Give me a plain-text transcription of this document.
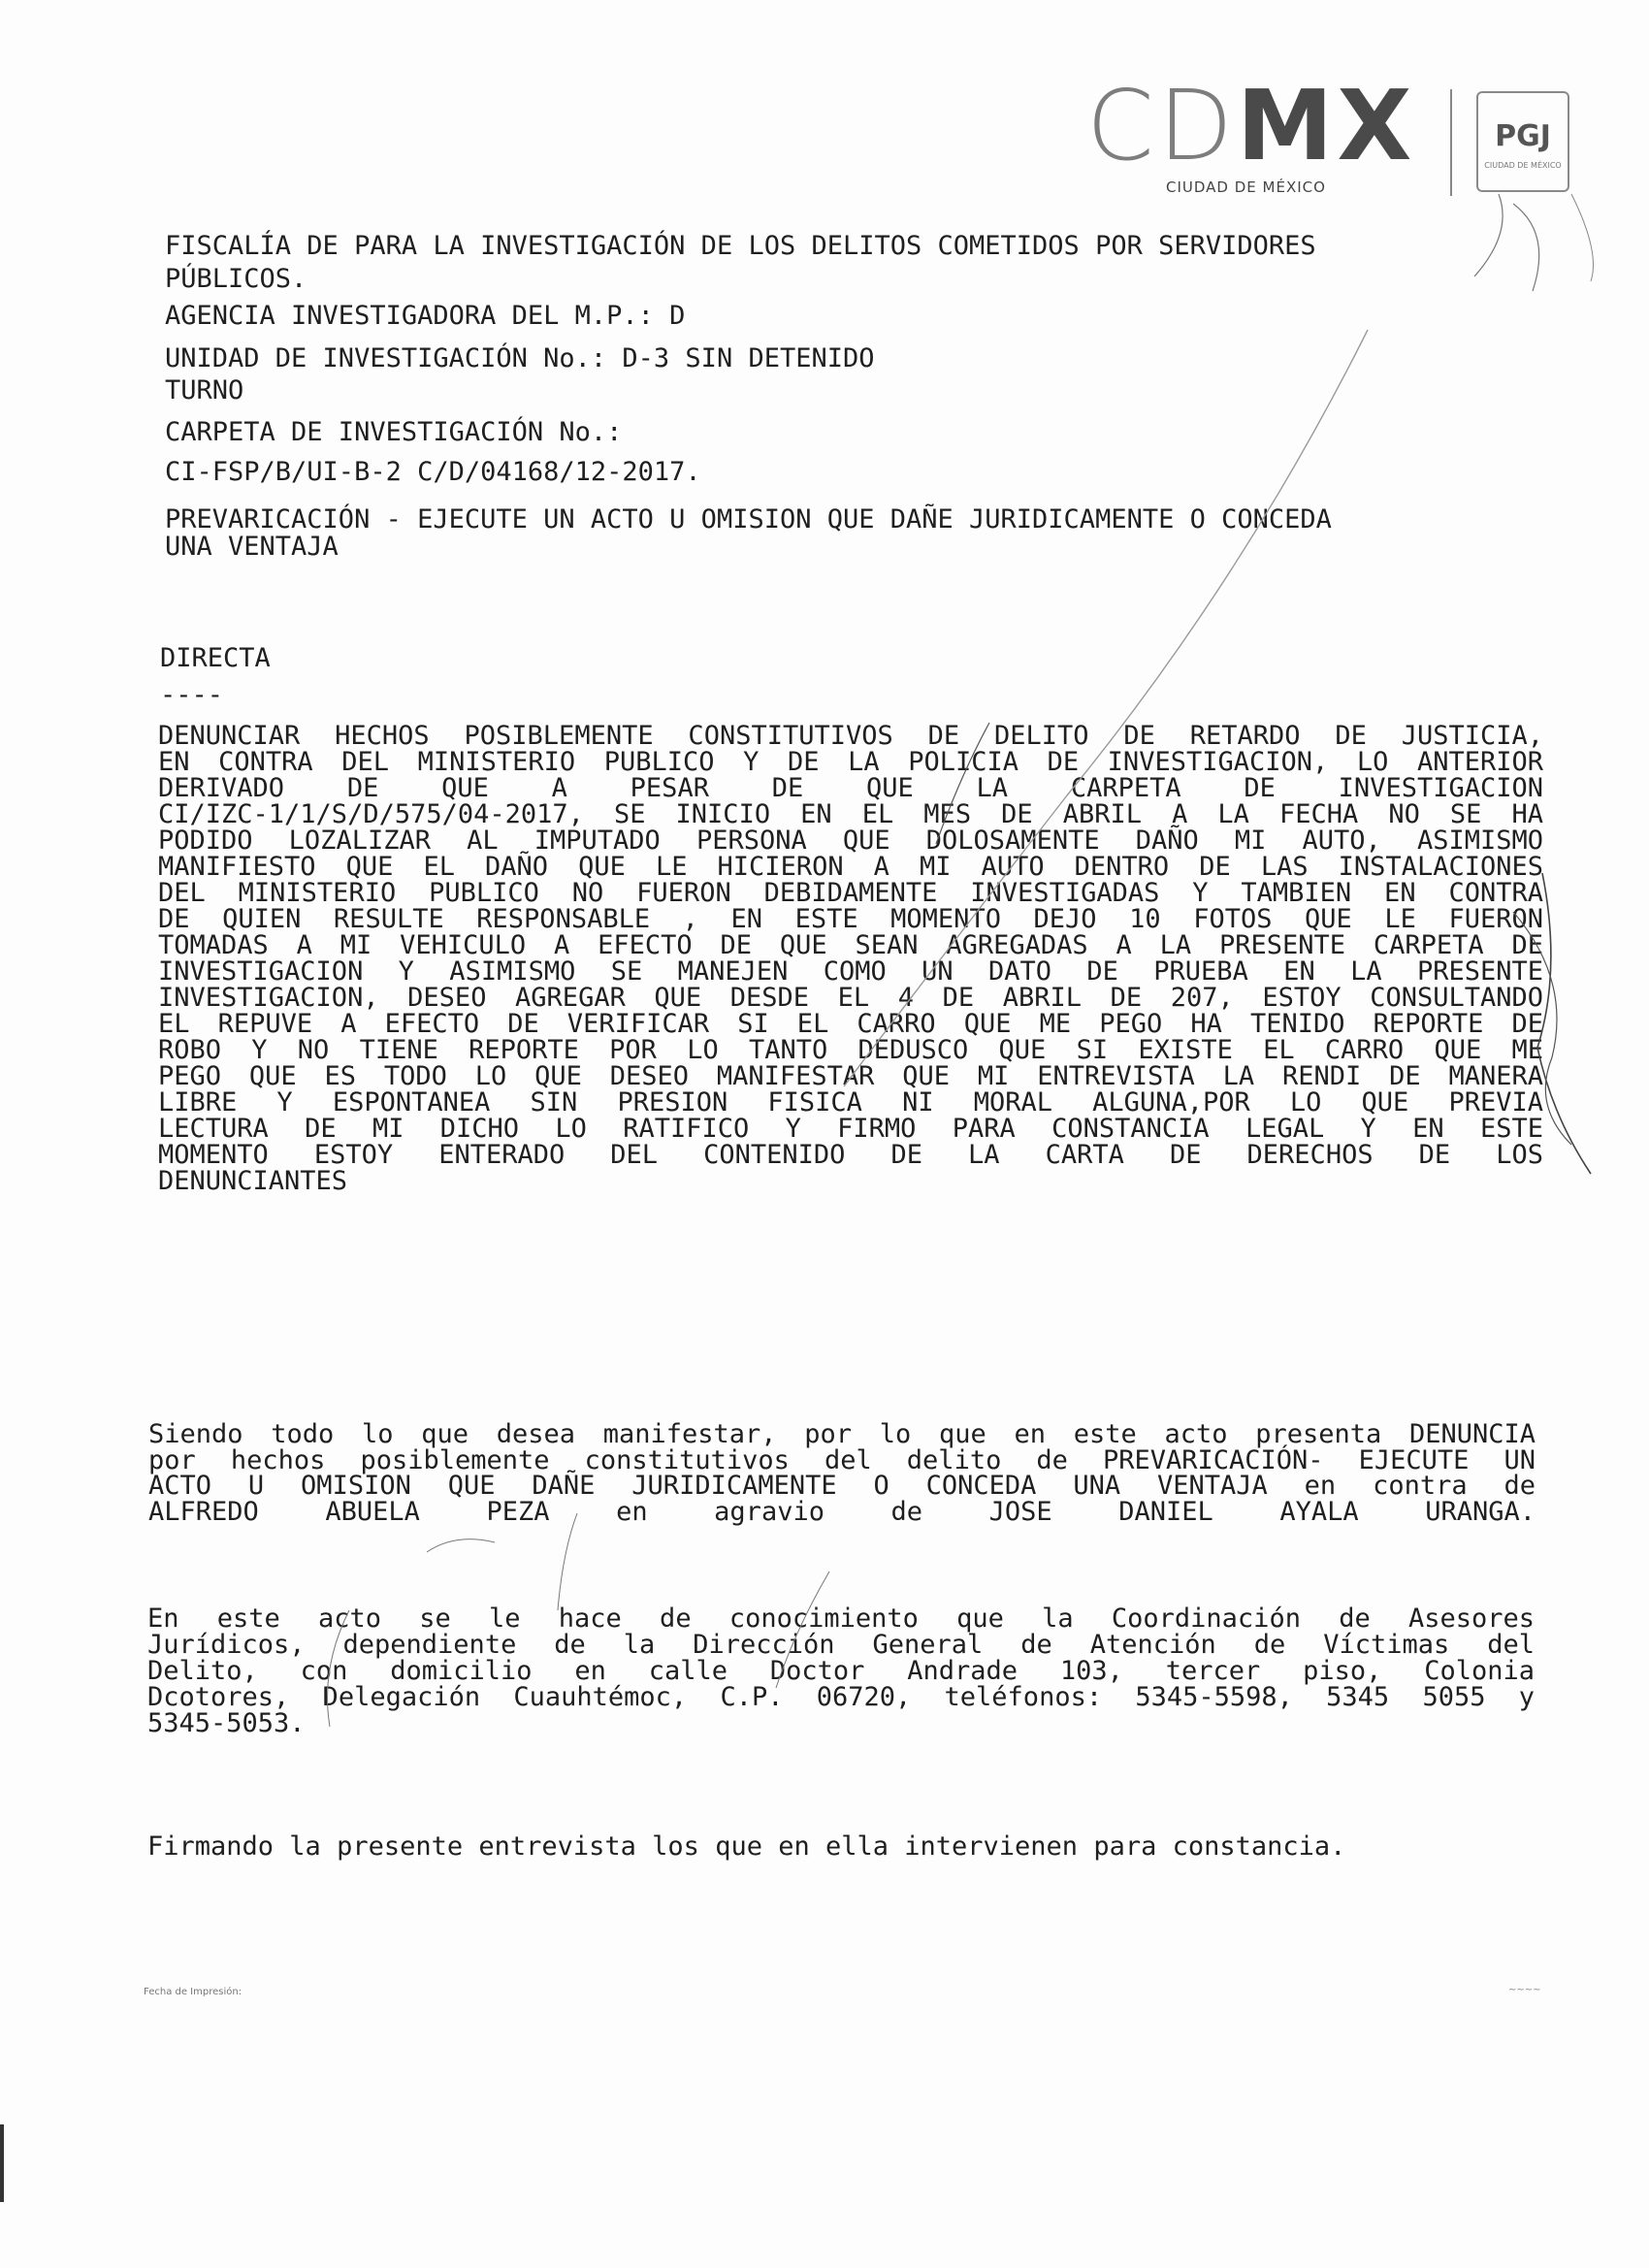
CDMX
CIUDAD DE MÉXICO
PGJ
CIUDAD DE MÉXICO
FISCALÍA DE PARA LA INVESTIGACIÓN DE LOS DELITOS COMETIDOS POR SERVIDORES
PÚBLICOS.
AGENCIA INVESTIGADORA DEL M.P.: D
UNIDAD DE INVESTIGACIÓN No.: D-3 SIN DETENIDO
TURNO
CARPETA DE INVESTIGACIÓN No.:
CI-FSP/B/UI-B-2 C/D/04168/12-2017.
PREVARICACIÓN - EJECUTE UN ACTO U OMISION QUE DAÑE JURIDICAMENTE O CONCEDA
UNA VENTAJA
DIRECTA
----
DENUNCIAR HECHOS POSIBLEMENTE CONSTITUTIVOS DE DELITO DE RETARDO DE JUSTICIA,
EN CONTRA DEL MINISTERIO PUBLICO Y DE LA POLICIA DE INVESTIGACION, LO ANTERIOR
DERIVADO DE QUE A PESAR DE QUE LA CARPETA DE INVESTIGACION
CI/IZC-1/1/S/D/575/04-2017, SE INICIO EN EL MES DE ABRIL A LA FECHA NO SE HA
PODIDO LOZALIZAR AL IMPUTADO PERSONA QUE DOLOSAMENTE DAÑO MI AUTO, ASIMISMO
MANIFIESTO QUE EL DAÑO QUE LE HICIERON A MI AUTO DENTRO DE LAS INSTALACIONES
DEL MINISTERIO PUBLICO NO FUERON DEBIDAMENTE INVESTIGADAS Y TAMBIEN EN CONTRA
DE QUIEN RESULTE RESPONSABLE , EN ESTE MOMENTO DEJO 10 FOTOS QUE LE FUERON
TOMADAS A MI VEHICULO A EFECTO DE QUE SEAN AGREGADAS A LA PRESENTE CARPETA DE
INVESTIGACION Y ASIMISMO SE MANEJEN COMO UN DATO DE PRUEBA EN LA PRESENTE
INVESTIGACION, DESEO AGREGAR QUE DESDE EL 4 DE ABRIL DE 207, ESTOY CONSULTANDO
EL REPUVE A EFECTO DE VERIFICAR SI EL CARRO QUE ME PEGO HA TENIDO REPORTE DE
ROBO Y NO TIENE REPORTE POR LO TANTO DEDUSCO QUE SI EXISTE EL CARRO QUE ME
PEGO QUE ES TODO LO QUE DESEO MANIFESTAR QUE MI ENTREVISTA LA RENDI DE MANERA
LIBRE Y ESPONTANEA SIN PRESION FISICA NI MORAL ALGUNA,POR LO QUE PREVIA
LECTURA DE MI DICHO LO RATIFICO Y FIRMO PARA CONSTANCIA LEGAL Y EN ESTE
MOMENTO ESTOY ENTERADO DEL CONTENIDO DE LA CARTA DE DERECHOS DE LOS
DENUNCIANTES
Siendo todo lo que desea manifestar, por lo que en este acto presenta DENUNCIA
por hechos posiblemente constitutivos del delito de PREVARICACIÓN- EJECUTE UN
ACTO U OMISION QUE DAÑE JURIDICAMENTE O CONCEDA UNA VENTAJA en contra de
ALFREDO ABUELA PEZA en agravio de JOSE DANIEL AYALA URANGA.
En este acto se le hace de conocimiento que la Coordinación de Asesores
Jurídicos, dependiente de la Dirección General de Atención de Víctimas del
Delito, con domicilio en calle Doctor Andrade 103, tercer piso, Colonia
Dcotores, Delegación Cuauhtémoc, C.P. 06720, teléfonos: 5345-5598, 5345 5055 y
5345-5053.
Firmando la presente entrevista los que en ella intervienen para constancia.
Fecha de Impresión:	~~~~
